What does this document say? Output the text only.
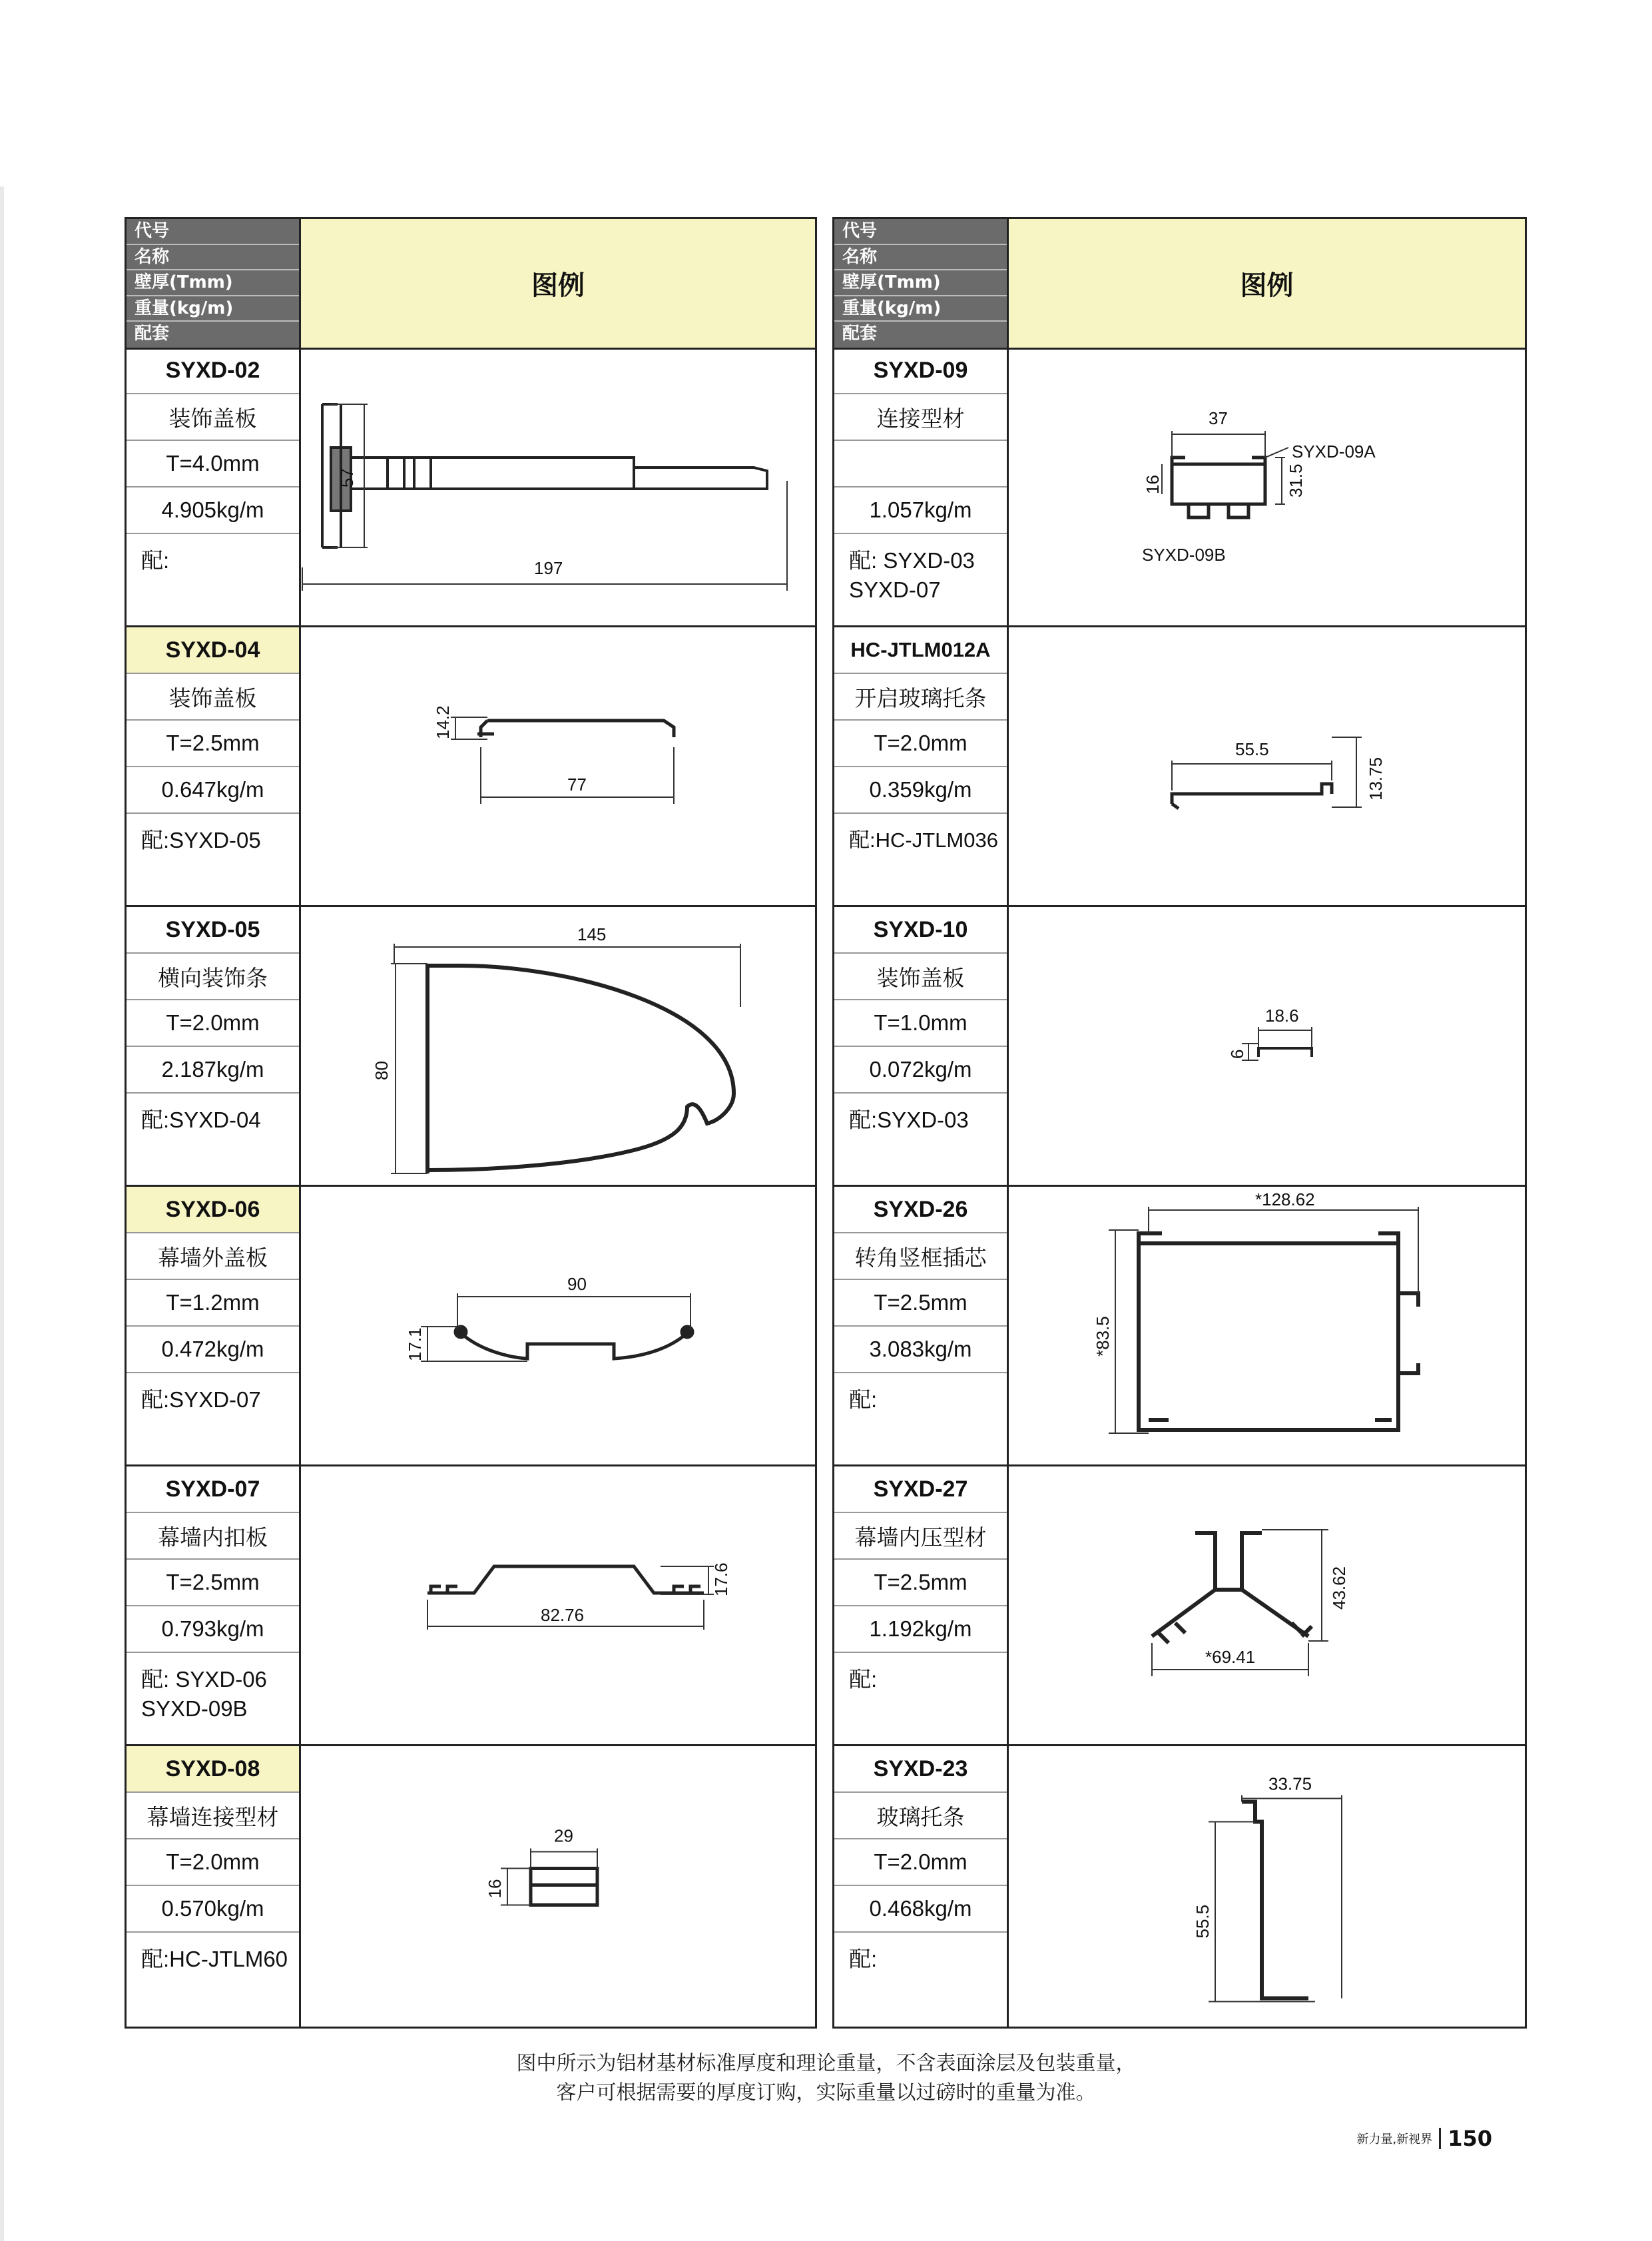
代号
名称
壁厚(Tmm)
重量(kg/m)
配套
图例
SYXD-02
装饰盖板
T=4.0mm
4.905kg/m
配:
57
197
SYXD-04
装饰盖板
T=2.5mm
0.647kg/m
配:SYXD-05
14.2
77
SYXD-05
横向装饰条
T=2.0mm
2.187kg/m
配:SYXD-04
145
80
SYXD-06
幕墙外盖板
T=1.2mm
0.472kg/m
配:SYXD-07
90
17.1
SYXD-07
幕墙内扣板
T=2.5mm
0.793kg/m
配: SYXD-06
SYXD-09B
82.76
17.6
SYXD-08
幕墙连接型材
T=2.0mm
0.570kg/m
配:HC-JTLM60
29
16
代号
名称
壁厚(Tmm)
重量(kg/m)
配套
图例
SYXD-09
连接型材
1.057kg/m
配: SYXD-03
SYXD-07
37
16	31.5
SYXD-09A
SYXD-09B
HC-JTLM012A
开启玻璃托条
T=2.0mm
0.359kg/m
配:HC-JTLM036
55.5
13.75
SYXD-10
装饰盖板
T=1.0mm
0.072kg/m
配:SYXD-03
18.6
6
SYXD-26
转角竖框插芯
T=2.5mm
3.083kg/m
配:
*128.62
*83.5
SYXD-27
幕墙内压型材
T=2.5mm
1.192kg/m
配:
*69.41
43.62
SYXD-23
玻璃托条
T=2.0mm
0.468kg/m
配:
33.75
55.5
图中所示为铝材基材标准厚度和理论重量，不含表面涂层及包装重量，
客户可根据需要的厚度订购，实际重量以过磅时的重量为准。
新力量,新视界 150
